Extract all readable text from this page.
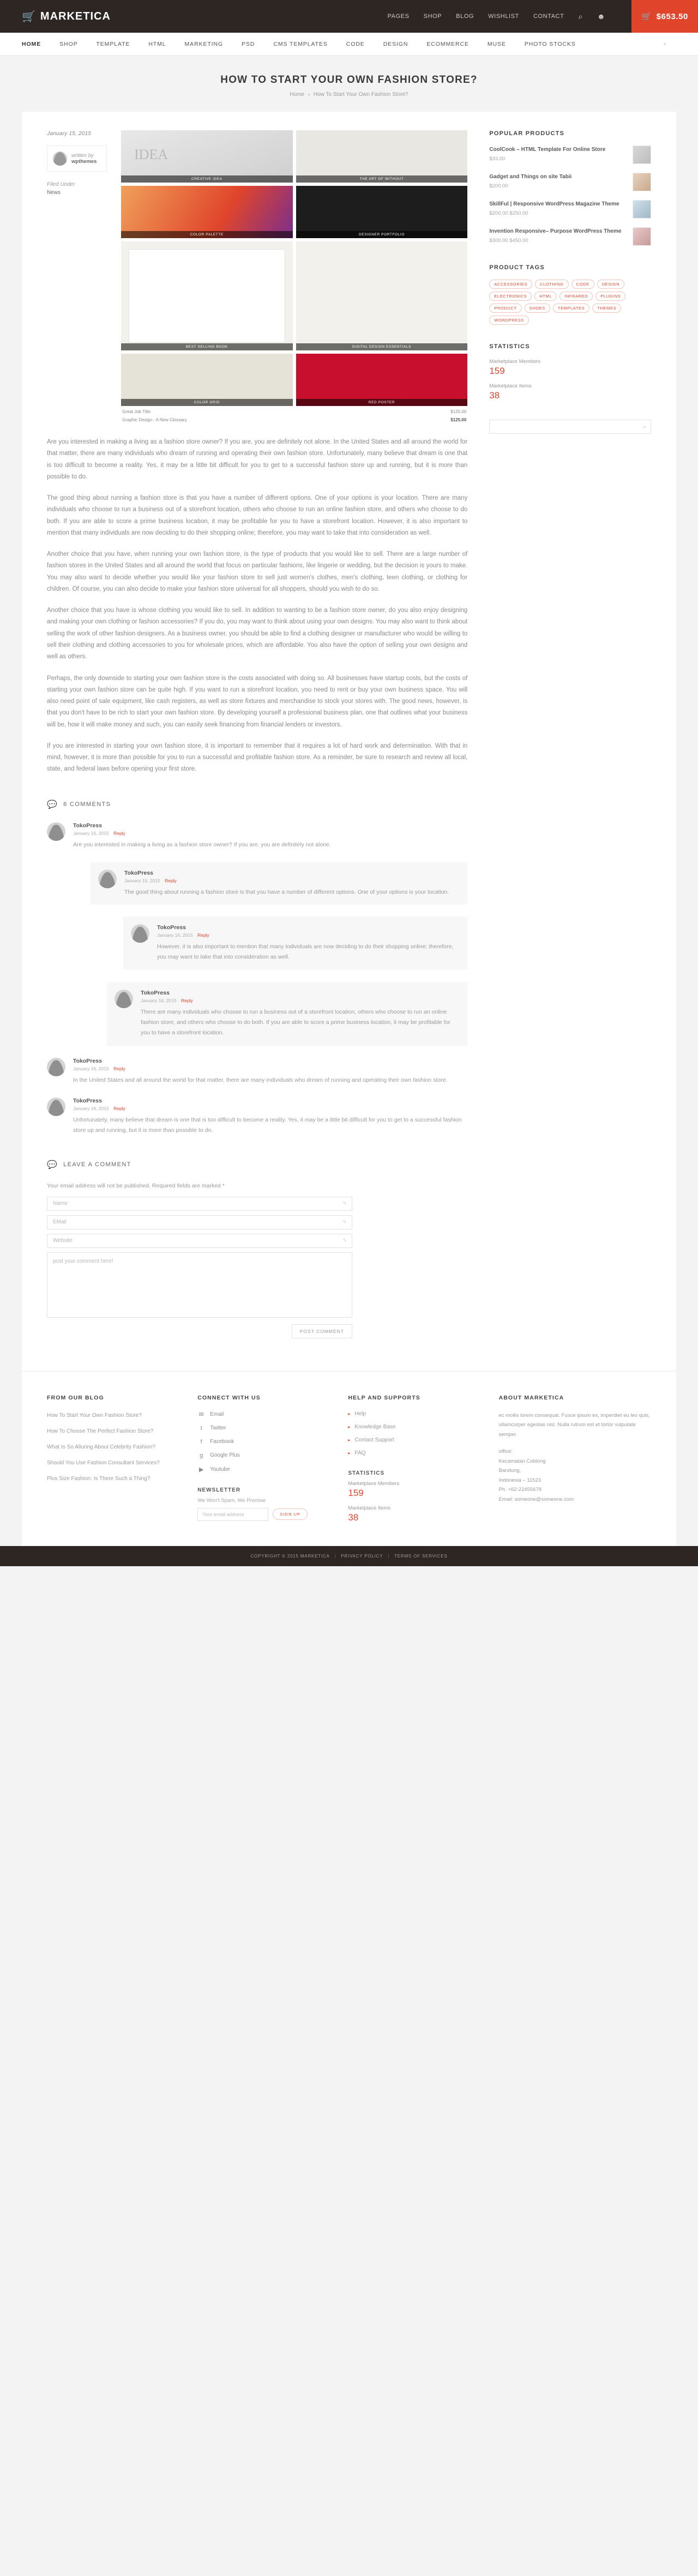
🛒 MARKETICA	PAGES SHOP BLOG WISHLIST CONTACT ⌕ ☻	🛒 $653.50
HOME	SHOP	TEMPLATE	HTML	MARKETING	PSD	CMS TEMPLATES	CODE	DESIGN	ECOMMERCE	MUSE	PHOTO STOCKS	+
HOW TO START YOUR OWN FASHION STORE?
Home › How To Start Your Own Fashion Store?
January 15, 2015
written by
wpthemes
Filed Under
News
CREATIVE IDEA
IDEA	THE ART OF WITHOUT
COLOR PALETTE	DESIGNER PORTFOLIO
BEST SELLING BOOK	DIGITAL DESIGN ESSENTIALS
COLOR GRID	RED POSTER
Great Job Title	$125.00
Graphic Design - A New Glossary	$125.00

Are you interested in making a living as a fashion store owner? If you are, you are definitely not alone. In the United States and all around the world for that matter, there are many individuals who dream of running and operating their own fashion store. Unfortunately, many believe that dream is one that is too difficult to become a reality. Yes, it may be a little bit difficult for you to get to a successful fashion store up and running, but it is more than possible to do.

The good thing about running a fashion store is that you have a number of different options. One of your options is your location. There are many individuals who choose to run a business out of a storefront location, others who choose to run an online fashion store, and others who choose to do both. If you are able to score a prime business location, it may be profitable for you to have a storefront location. However, it is also important to mention that many individuals are now deciding to do their shopping online; therefore, you may want to take that into consideration as well.

Another choice that you have, when running your own fashion store, is the type of products that you would like to sell. There are a large number of fashion stores in the United States and all around the world that focus on particular fashions, like lingerie or wedding, but the decision is yours to make. You may also want to decide whether you would like your fashion store to sell just women's clothes, men's clothing, teen clothing, or clothing for children. Of course, you can also decide to make your fashion store universal for all shoppers, should you wish to do so.

Another choice that you have is whose clothing you would like to sell. In addition to wanting to be a fashion store owner, do you also enjoy designing and making your own clothing or fashion accessories? If you do, you may want to think about using your own designs. You may also want to think about selling the work of other fashion designers. As a business owner, you should be able to find a clothing designer or manufacturer who would be willing to sell their clothing and clothing accessories to you for wholesale prices, which are affordable. You also have the option of selling your own designs and well as others.

Perhaps, the only downside to starting your own fashion store is the costs associated with doing so. All businesses have startup costs, but the costs of starting your own fashion store can be quite high. If you want to run a storefront location, you need to rent or buy your own business space. You will also need point of sale equipment, like cash registers, as well as store fixtures and merchandise to stock your stores with. The good news, however, is that you don't have to be rich to start your own fashion store. By developing yourself a professional business plan, one that outlines what your business will be, how it will make money and such, you can easily seek financing from financial lenders or investors.

If you are interested in starting your own fashion store, it is important to remember that it requires a lot of hard work and determination. With that in mind, however, it is more than possible for you to run a successful and profitable fashion store. As a reminder, be sure to research and review all local, state, and federal laws before opening your first store.

💬 6 COMMENTS
TokoPress
January 16, 2015 Reply
Are you interested in making a living as a fashion store owner? If you are, you are definitely not alone.
TokoPress
January 16, 2015 Reply
The good thing about running a fashion store is that you have a number of different options. One of your options is your location.
TokoPress
January 16, 2015 Reply
However, it is also important to mention that many individuals are now deciding to do their shopping online; therefore, you may want to take that into consideration as well.
TokoPress
January 16, 2015 Reply
There are many individuals who choose to run a business out of a storefront location, others who choose to run an online fashion store, and others who choose to do both. If you are able to score a prime business location, it may be profitable for you to have a storefront location.
TokoPress
January 16, 2015 Reply
In the United States and all around the world for that matter, there are many individuals who dream of running and operating their own fashion store.
TokoPress
January 16, 2015 Reply
Unfortunately, many believe that dream is one that is too difficult to become a reality. Yes, it may be a little bit difficult for you to get to a successful fashion store up and running, but it is more than possible to do.
💬 LEAVE A COMMENT
Your email address will not be published. Required fields are marked *
Name	✎
EMail	✎
Website	✎
post your comment here!
POST COMMENT
POPULAR PRODUCTS
CoolCook – HTML Template For Online Store
$33.00
Gadget and Things on site Tabii
$200.00
SkillFul | Responsive WordPress Magazine Theme
$200.00 $250.00
Invention Responsive– Purpose WordPress Theme
$300.00 $450.00
PRODUCT TAGS
ACCESSORIES	CLOTHING	CODE	DESIGN
ELECTRONICS	HTML	INFRARED	PLUGINS
PRODUCT	SHOES	TEMPLATES	THEMES
WORDPRESS
STATISTICS
Marketplace Members
159
Marketplace Items
38
⌕
FROM OUR BLOG
How To Start Your Own Fashion Store?
How To Choose The Perfect Fashion Store?
What Is So Alluring About Celebrity Fashion?
Should You Use Fashion Consultant Services?
Plus Size Fashion: Is There Such a Thing?
CONNECT WITH US
✉ Email
t	Twitter
f	Facebook
g	Google Plus
▶ Youtube
NEWSLETTER
We Won't Spam, We Promise
Your email address	SIGN UP
HELP AND SUPPORTS
▸ Help
▸ Knowledge Base
▸ Contact Support
▸ FAQ
STATISTICS
Marketplace Members
159
Marketplace Items
38
ABOUT MARKETICA
ec mollis lorem consequat. Fusce ipsum ex, imperdiet eu leo quis, ullamcorper egestas nisl. Nulla rutrum est et tortor vulputate semper.
office:
Kecamatan Coblong
Bandung,
Indonesia – 11523
Ph. +62-22455678
Email: someone@someone.com
COPYRIGHT © 2015 MARKETICA | PRIVACY POLICY | TERMS OF SERVICES
